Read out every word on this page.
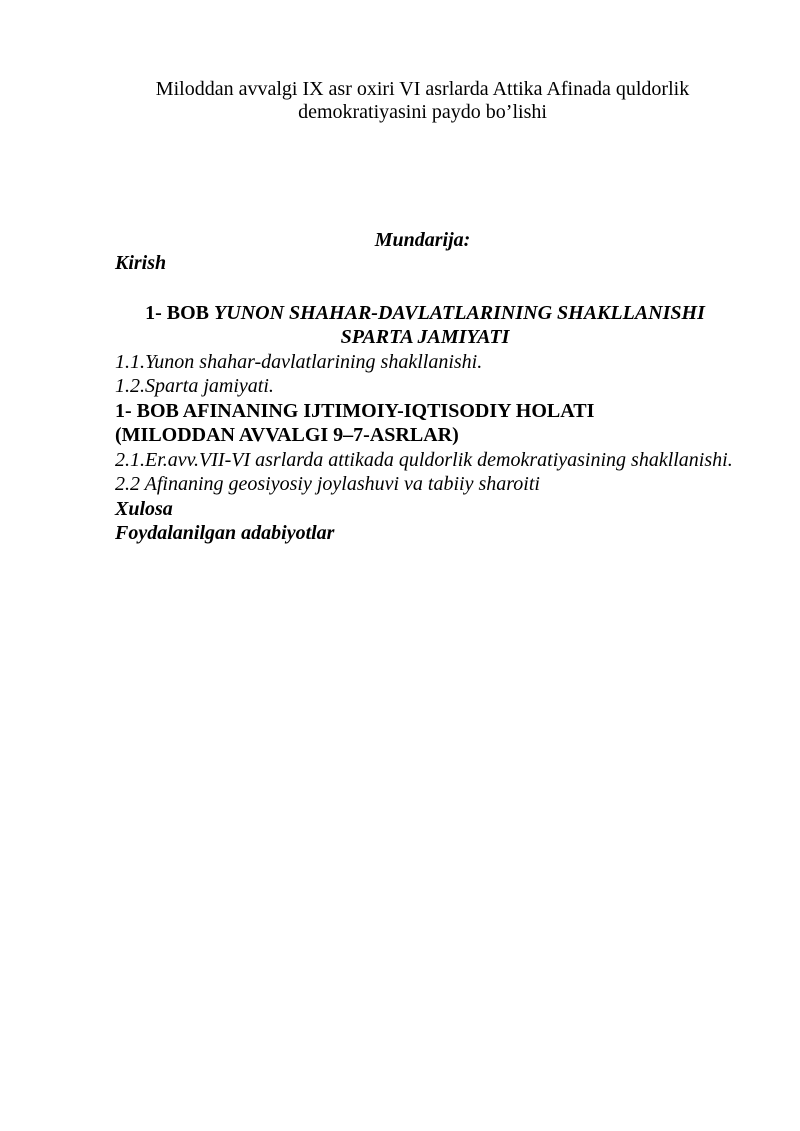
Miloddan avvalgi IX asr oxiri VI asrlarda Attika Afinada quldorlik demokratiyasini paydo bo’lishi
Mundarija:
Kirish
1- BOB YUNON SHAHAR-DAVLATLARINING SHAKLLANISHI SPARTA JAMIYATI
1.1.Yunon shahar-davlatlarining shakllanishi.
1.2.Sparta jamiyati.
1- BOB AFINANING IJTIMOIY-IQTISODIY HOLATI
(MILODDAN AVVALGI 9–7-ASRLAR)
2.1.Er.avv.VII-VI asrlarda attikada quldorlik demokratiyasining shakllanishi.
2.2 Afinaning geosiyosiy joylashuvi va tabiiy sharoiti
Xulosa
Foydalanilgan adabiyotlar
